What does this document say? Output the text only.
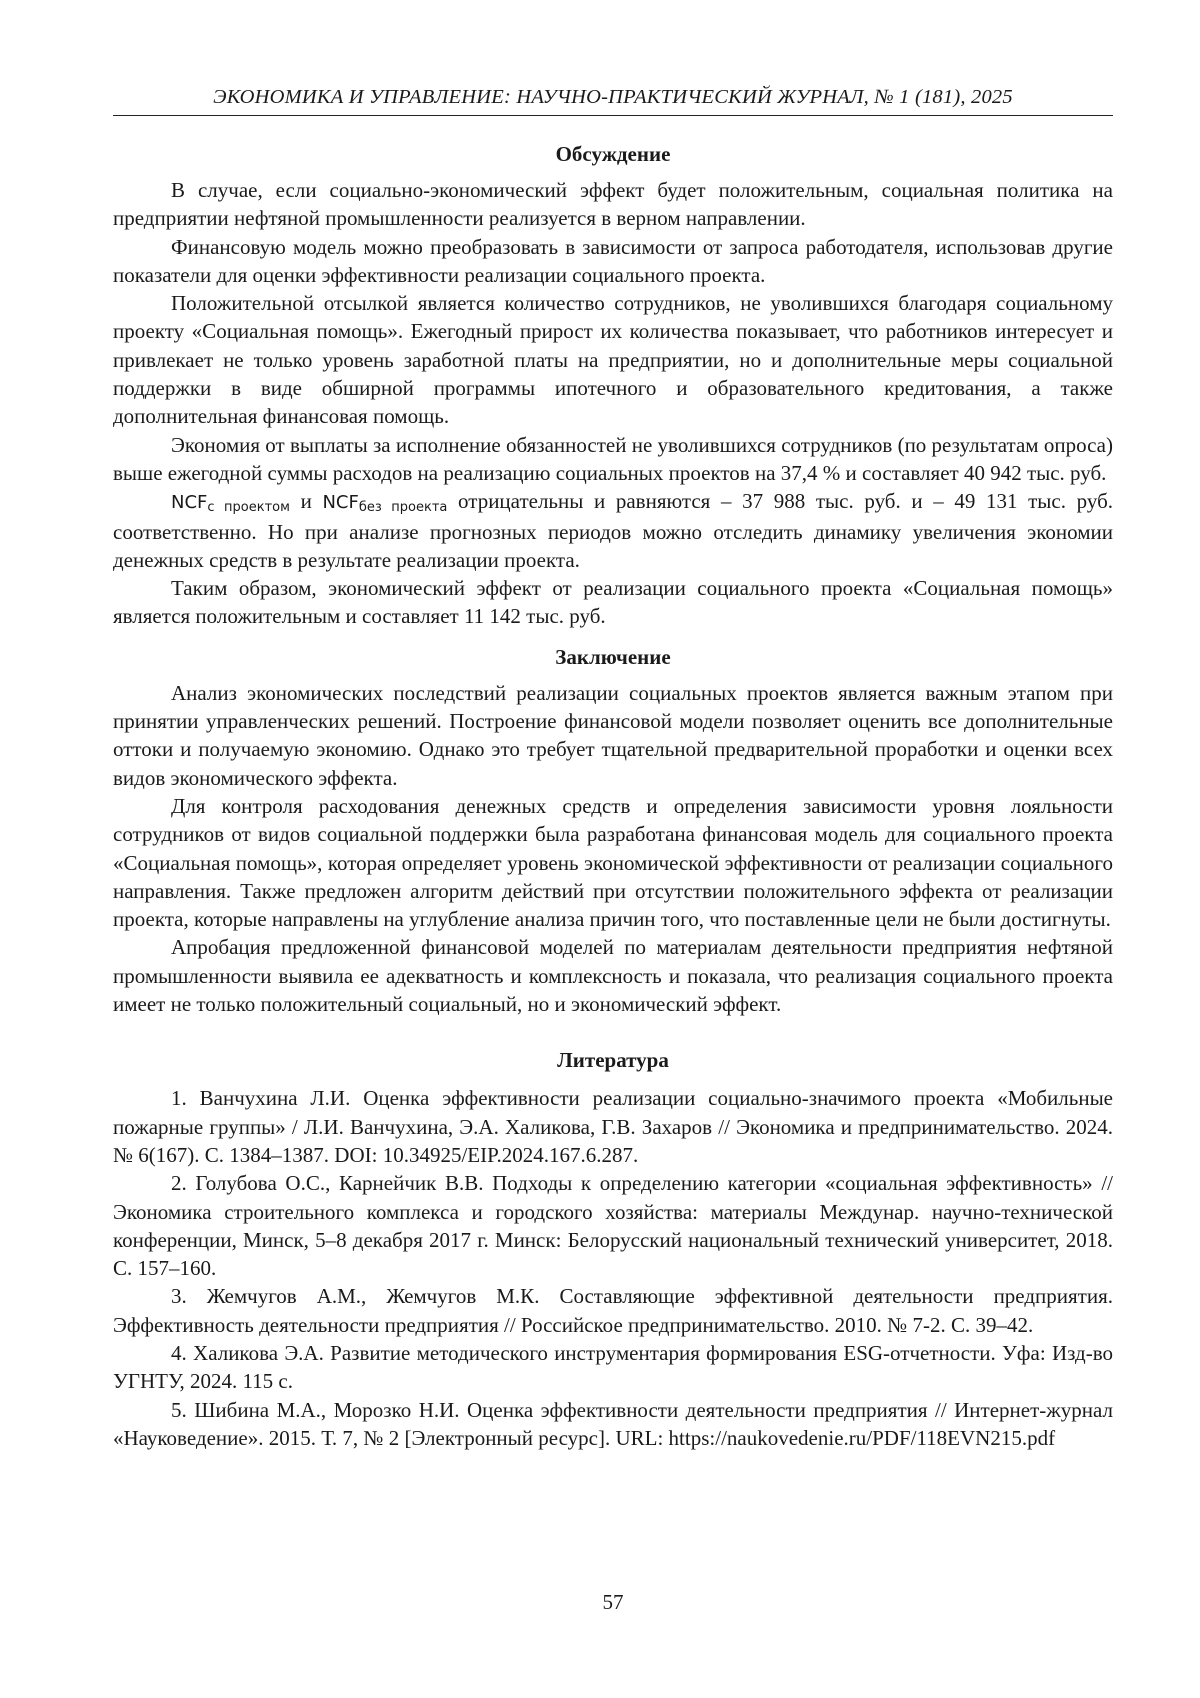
ЭКОНОМИКА И УПРАВЛЕНИЕ: НАУЧНО-ПРАКТИЧЕСКИЙ ЖУРНАЛ, № 1 (181), 2025
Обсуждение

В случае, если социально-экономический эффект будет положительным, социальная политика на предприятии нефтяной промышленности реализуется в верном направлении.

Финансовую модель можно преобразовать в зависимости от запроса работодателя, использовав другие показатели для оценки эффективности реализации социального проекта.

Положительной отсылкой является количество сотрудников, не уволившихся благодаря социальному проекту «Социальная помощь». Ежегодный прирост их количества показывает, что работников интересует и привлекает не только уровень заработной платы на предприятии, но и дополнительные меры социальной поддержки в виде обширной программы ипотечного и образовательного кредитования, а также дополнительная финансовая помощь.

Экономия от выплаты за исполнение обязанностей не уволившихся сотрудников (по результатам опроса) выше ежегодной суммы расходов на реализацию социальных проектов на 37,4 % и составляет 40 942 тыс. руб.

$NCF_{с проектом}$ и $NCF_{без проекта}$ отрицательны и равняются – 37 988 тыс. руб. и – 49 131 тыс. руб. соответственно. Но при анализе прогнозных периодов можно отследить динамику увеличения экономии денежных средств в результате реализации проекта.

Таким образом, экономический эффект от реализации социального проекта «Социальная помощь» является положительным и составляет 11 142 тыс. руб.

Заключение

Анализ экономических последствий реализации социальных проектов является важным этапом при принятии управленческих решений. Построение финансовой модели позволяет оценить все дополнительные оттоки и получаемую экономию. Однако это требует тщательной предварительной проработки и оценки всех видов экономического эффекта.

Для контроля расходования денежных средств и определения зависимости уровня лояльности сотрудников от видов социальной поддержки была разработана финансовая модель для социального проекта «Социальная помощь», которая определяет уровень экономической эффективности от реализации социального направления. Также предложен алгоритм действий при отсутствии положительного эффекта от реализации проекта, которые направлены на углубление анализа причин того, что поставленные цели не были достигнуты.

Апробация предложенной финансовой моделей по материалам деятельности предприятия нефтяной промышленности выявила ее адекватность и комплексность и показала, что реализация социального проекта имеет не только положительный социальный, но и экономический эффект.

Литература

1. Ванчухина Л.И. Оценка эффективности реализации социально-значимого проекта «Мобильные пожарные группы» / Л.И. Ванчухина, Э.А. Халикова, Г.В. Захаров // Экономика и предпринимательство. 2024. № 6(167). С. 1384–1387. DOI: 10.34925/EIP.2024.167.6.287.

2. Голубова О.С., Карнейчик В.В. Подходы к определению категории «социальная эффективность» // Экономика строительного комплекса и городского хозяйства: материалы Междунар. научно-технической конференции, Минск, 5–8 декабря 2017 г. Минск: Белорусский национальный технический университет, 2018. С. 157–160.

3. Жемчугов А.М., Жемчугов М.К. Составляющие эффективной деятельности предприятия. Эффективность деятельности предприятия // Российское предпринимательство. 2010. № 7-2. С. 39–42.

4. Халикова Э.А. Развитие методического инструментария формирования ESG-отчетности. Уфа: Изд-во УГНТУ, 2024. 115 с.

5. Шибина М.А., Морозко Н.И. Оценка эффективности деятельности предприятия // Интернет-журнал «Науковедение». 2015. Т. 7, № 2 [Электронный ресурс]. URL: https://naukovedenie.ru/PDF/118EVN215.pdf

57
